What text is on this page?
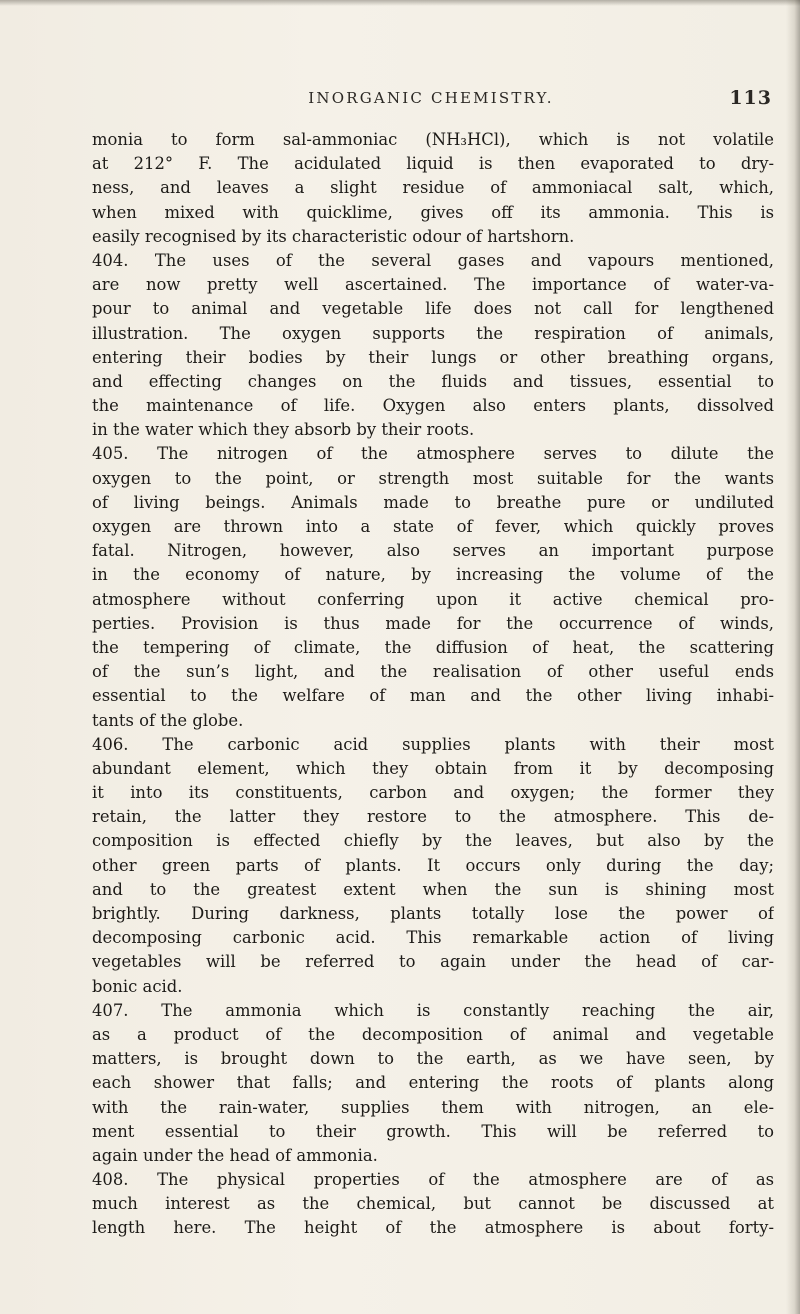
INORGANIC CHEMISTRY.	113
monia to form sal-ammoniac (NH₃HCl), which is not volatile
at 212° F. The acidulated liquid is then evaporated to dry-
ness, and leaves a slight residue of ammoniacal salt, which,
when mixed with quicklime, gives off its ammonia. This is
easily recognised by its characteristic odour of hartshorn.
404. The uses of the several gases and vapours mentioned,
are now pretty well ascertained. The importance of water-va-
pour to animal and vegetable life does not call for lengthened
illustration. The oxygen supports the respiration of animals,
entering their bodies by their lungs or other breathing organs,
and effecting changes on the fluids and tissues, essential to
the maintenance of life. Oxygen also enters plants, dissolved
in the water which they absorb by their roots.
405. The nitrogen of the atmosphere serves to dilute the
oxygen to the point, or strength most suitable for the wants
of living beings. Animals made to breathe pure or undiluted
oxygen are thrown into a state of fever, which quickly proves
fatal. Nitrogen, however, also serves an important purpose
in the economy of nature, by increasing the volume of the
atmosphere without conferring upon it active chemical pro-
perties. Provision is thus made for the occurrence of winds,
the tempering of climate, the diffusion of heat, the scattering
of the sun’s light, and the realisation of other useful ends
essential to the welfare of man and the other living inhabi-
tants of the globe.
406. The carbonic acid supplies plants with their most
abundant element, which they obtain from it by decomposing
it into its constituents, carbon and oxygen; the former they
retain, the latter they restore to the atmosphere. This de-
composition is effected chiefly by the leaves, but also by the
other green parts of plants. It occurs only during the day;
and to the greatest extent when the sun is shining most
brightly. During darkness, plants totally lose the power of
decomposing carbonic acid. This remarkable action of living
vegetables will be referred to again under the head of car-
bonic acid.
407. The ammonia which is constantly reaching the air,
as a product of the decomposition of animal and vegetable
matters, is brought down to the earth, as we have seen, by
each shower that falls; and entering the roots of plants along
with the rain-water, supplies them with nitrogen, an ele-
ment essential to their growth. This will be referred to
again under the head of ammonia.
408. The physical properties of the atmosphere are of as
much interest as the chemical, but cannot be discussed at
length here. The height of the atmosphere is about forty-
